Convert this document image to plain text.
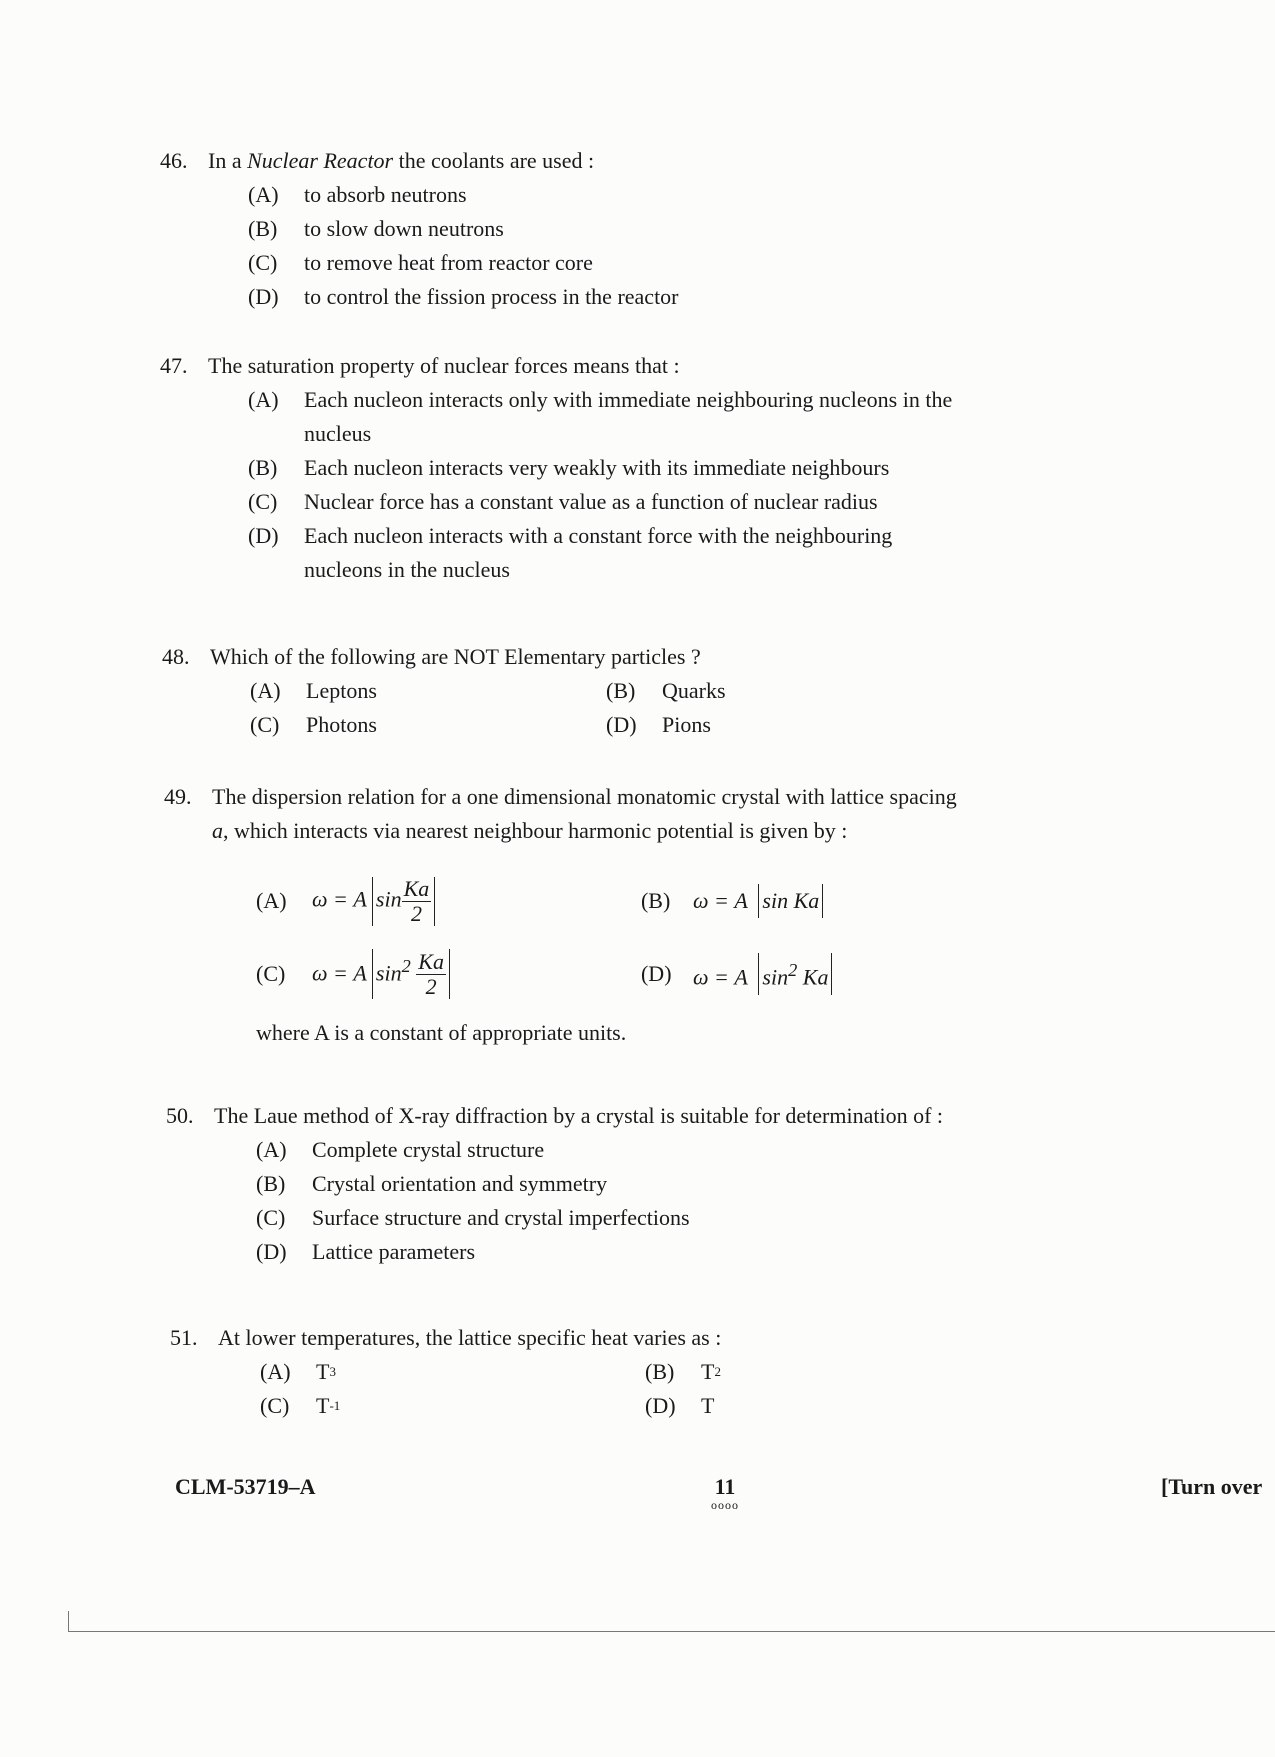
46. In a Nuclear Reactor the coolants are used :
(A)	to absorb neutrons
(B)	to slow down neutrons
(C)	to remove heat from reactor core
(D)	to control the fission process in the reactor
47. The saturation property of nuclear forces means that :
(A)	Each nucleon interacts only with immediate neighbouring nucleons in the nucleus
(B)	Each nucleon interacts very weakly with its immediate neighbours
(C)	Nuclear force has a constant value as a function of nuclear radius
(D)	Each nucleon interacts with a constant force with the neighbouring nucleons in the nucleus
48. Which of the following are NOT Elementary particles ?
(A)	Leptons	(B)	Quarks
(C)	Photons	(D)	Pions
49. The dispersion relation for a one dimensional monatomic crystal with lattice spacing
a, which interacts via nearest neighbour harmonic potential is given by :
(A)	ω = A $\sin \frac{Ka}{2}$	(B)	ω = A sin Ka
(C)	ω = A $\sin^2 \frac{Ka}{2}$	(D) ω = A $\sin^2 Ka$
where A is a constant of appropriate units.
50. The Laue method of X-ray diffraction by a crystal is suitable for determination of :
(A)	Complete crystal structure
(B)	Crystal orientation and symmetry
(C)	Surface structure and crystal imperfections
(D)	Lattice parameters
51. At lower temperatures, the lattice specific heat varies as :
(A)	T 3	(B)	T 2
(C)	T -1	(D)	T
CLM-53719–A	11
oooo
[Turn over
